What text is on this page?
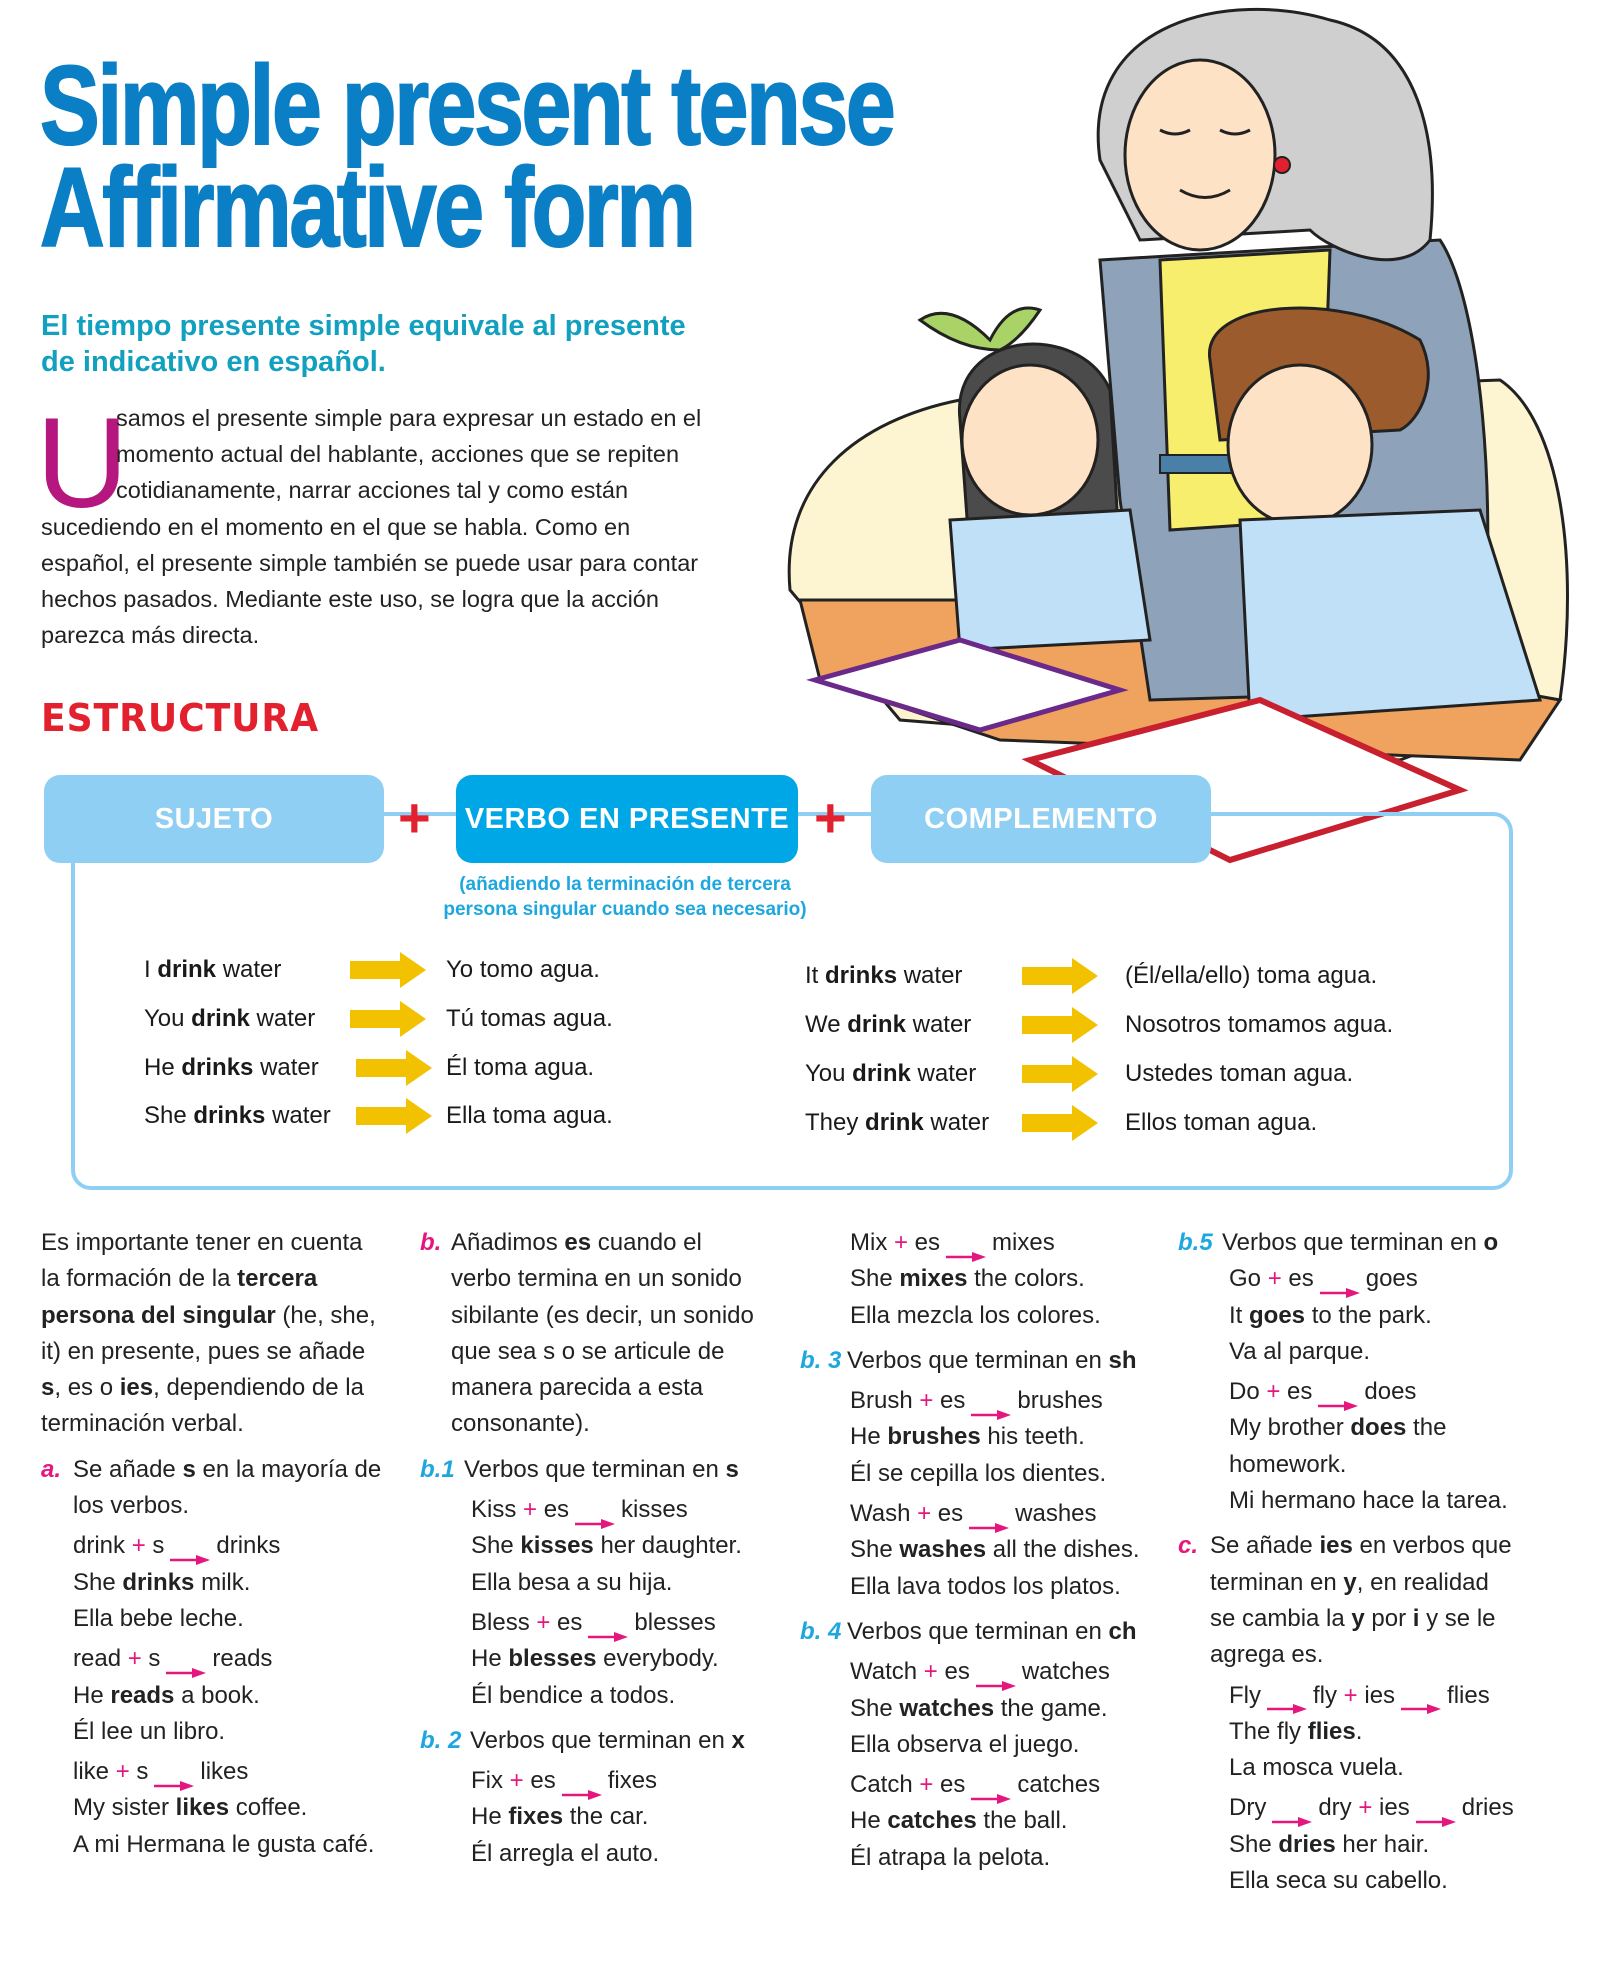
Simple present tense
Affirmative form
El tiempo presente simple equivale al presente
de indicativo en español.
U
samos el presente simple para expresar un estado en el
momento actual del hablante, acciones que se repiten
cotidianamente, narrar acciones tal y como están
sucediendo en el momento en el que se habla. Como en
español, el presente simple también se puede usar para contar
hechos pasados. Mediante este uso, se logra que la acción
parezca más directa.
ESTRUCTURA
SUJETO	+	VERBO EN PRESENTE +	COMPLEMENTO
(añadiendo la terminación de tercera
persona singular cuando sea necesario)
I drink water	Yo tomo agua.
You drink water	Tú tomas agua.
He drinks water	Él toma agua.
She drinks water	Ella toma agua.
It drinks water	(Él/ella/ello) toma agua.
We drink water	Nosotros tomamos agua.
You drink water	Ustedes toman agua.
They drink water	Ellos toman agua.
Es importante tener en cuenta
la formación de la tercera
persona del singular (he, she,
it) en presente, pues se añade
s, es o ies, dependiendo de la
terminación verbal.
a. Se añade s en la mayoría de
los verbos.
drink + s drinks
She drinks milk.
Ella bebe leche.
read + s reads
He reads a book.
Él lee un libro.
like + s likes
My sister likes coffee.
A mi Hermana le gusta café.
b. Añadimos es cuando el
verbo termina en un sonido
sibilante (es decir, un sonido
que sea s o se articule de
manera parecida a esta
consonante).
b.1 Verbos que terminan en s
Kiss + es kisses
She kisses her daughter.
Ella besa a su hija.
Bless + es blesses
He blesses everybody.
Él bendice a todos.
b. 2 Verbos que terminan en x
Fix + es fixes
He fixes the car.
Él arregla el auto.
Mix + es mixes
She mixes the colors.
Ella mezcla los colores.
b. 3 Verbos que terminan en sh
Brush + es brushes
He brushes his teeth.
Él se cepilla los dientes.
Wash + es washes
She washes all the dishes.
Ella lava todos los platos.
b. 4 Verbos que terminan en ch
Watch + es watches
She watches the game.
Ella observa el juego.
Catch + es catches
He catches the ball.
Él atrapa la pelota.
b.5 Verbos que terminan en o
Go + es goes
It goes to the park.
Va al parque.
Do + es does
My brother does the
homework.
Mi hermano hace la tarea.
c. Se añade ies en verbos que
terminan en y, en realidad
se cambia la y por i y se le
agrega es.
Fly fly + ies flies
The fly flies.
La mosca vuela.
Dry dry + ies dries
She dries her hair.
Ella seca su cabello.
